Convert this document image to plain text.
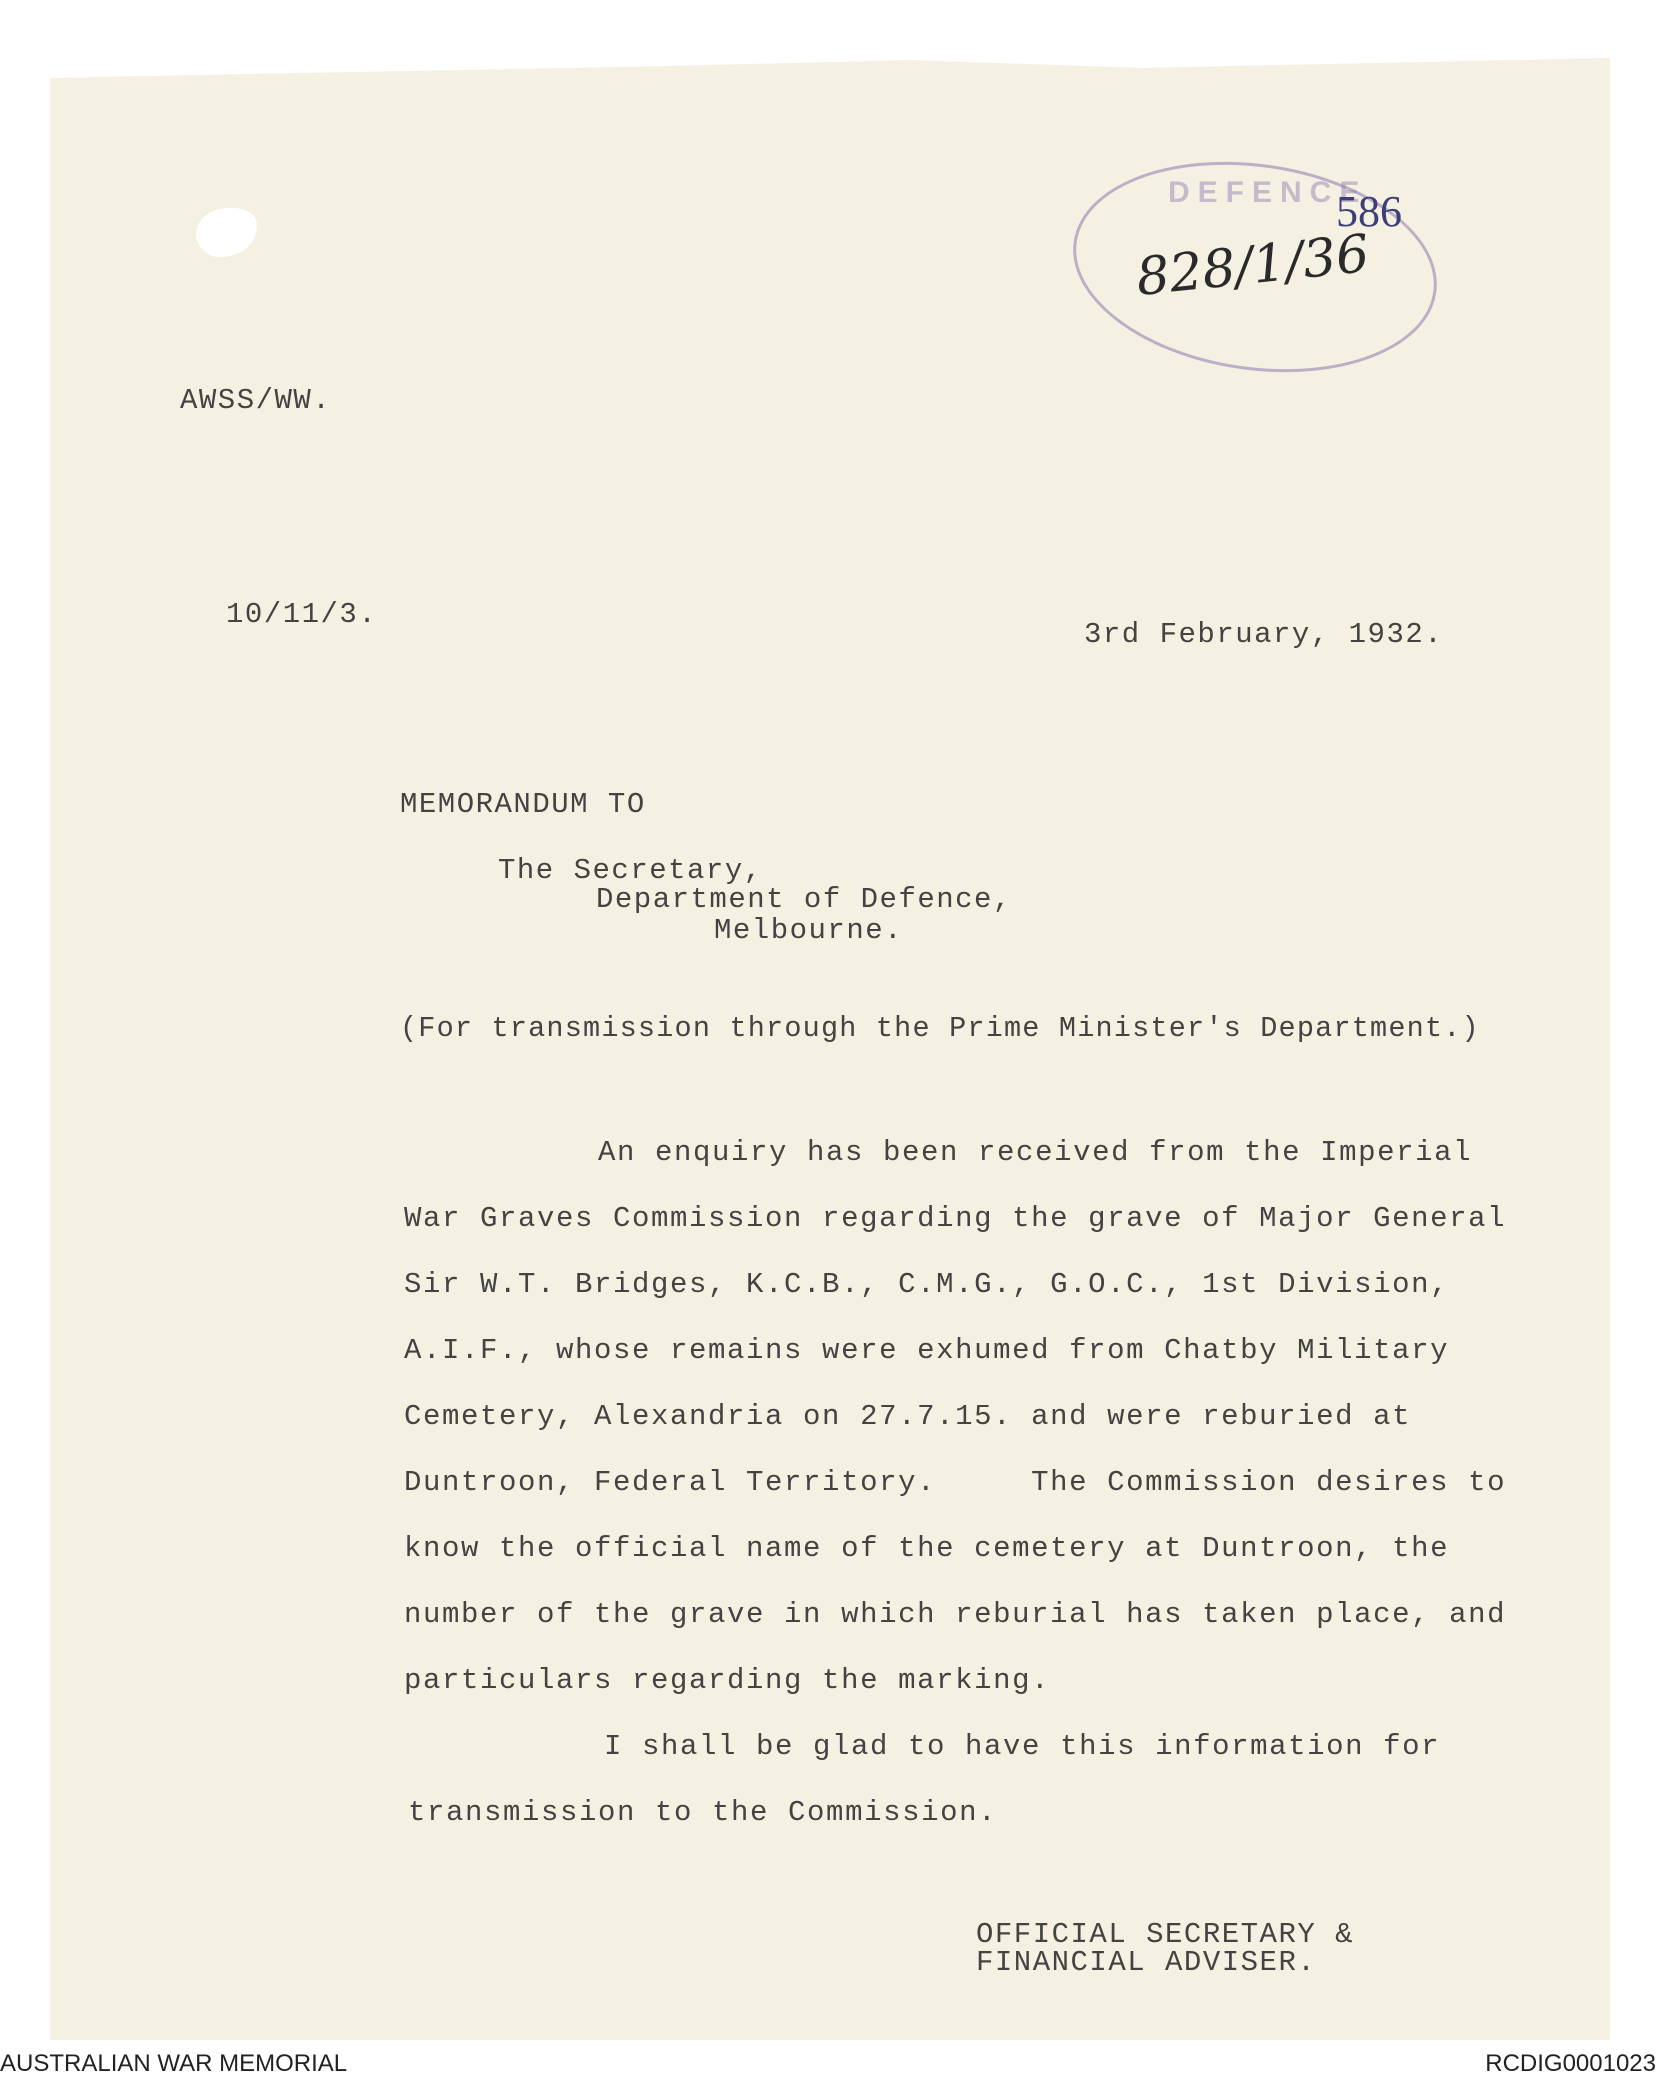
DEFENCE
586
828/1/36
AWSS/WW.
10/11/3.
3rd February, 1932.
MEMORANDUM TO
The Secretary,
Department of Defence,
Melbourne.
(For transmission through the Prime Minister's Department.)
An enquiry has been received from the Imperial
War Graves Commission regarding the grave of Major General
Sir W.T. Bridges, K.C.B., C.M.G., G.O.C., 1st Division,
A.I.F., whose remains were exhumed from Chatby Military
Cemetery, Alexandria on 27.7.15. and were reburied at
Duntroon, Federal Territory.     The Commission desires to
know the official name of the cemetery at Duntroon, the
number of the grave in which reburial has taken place, and
particulars regarding the marking.
I shall be glad to have this information for
transmission to the Commission.
OFFICIAL SECRETARY &
FINANCIAL ADVISER.
AUSTRALIAN WAR MEMORIAL	RCDIG0001023
